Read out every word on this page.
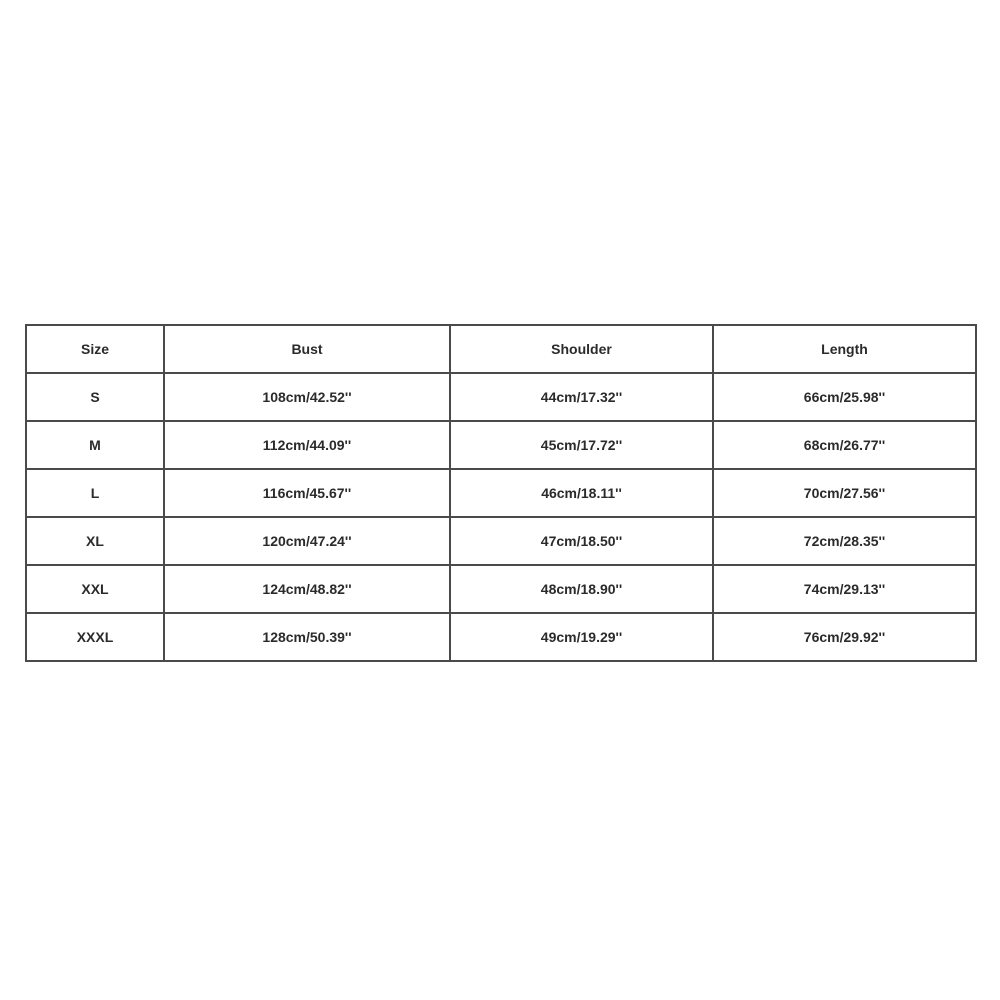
Size	Bust	Shoulder	Length
S	108cm/42.52''	44cm/17.32''	66cm/25.98''
M	112cm/44.09''	45cm/17.72''	68cm/26.77''
L	116cm/45.67''	46cm/18.11''	70cm/27.56''
XL	120cm/47.24''	47cm/18.50''	72cm/28.35''
XXL	124cm/48.82''	48cm/18.90''	74cm/29.13''
XXXL	128cm/50.39''	49cm/19.29''	76cm/29.92''
